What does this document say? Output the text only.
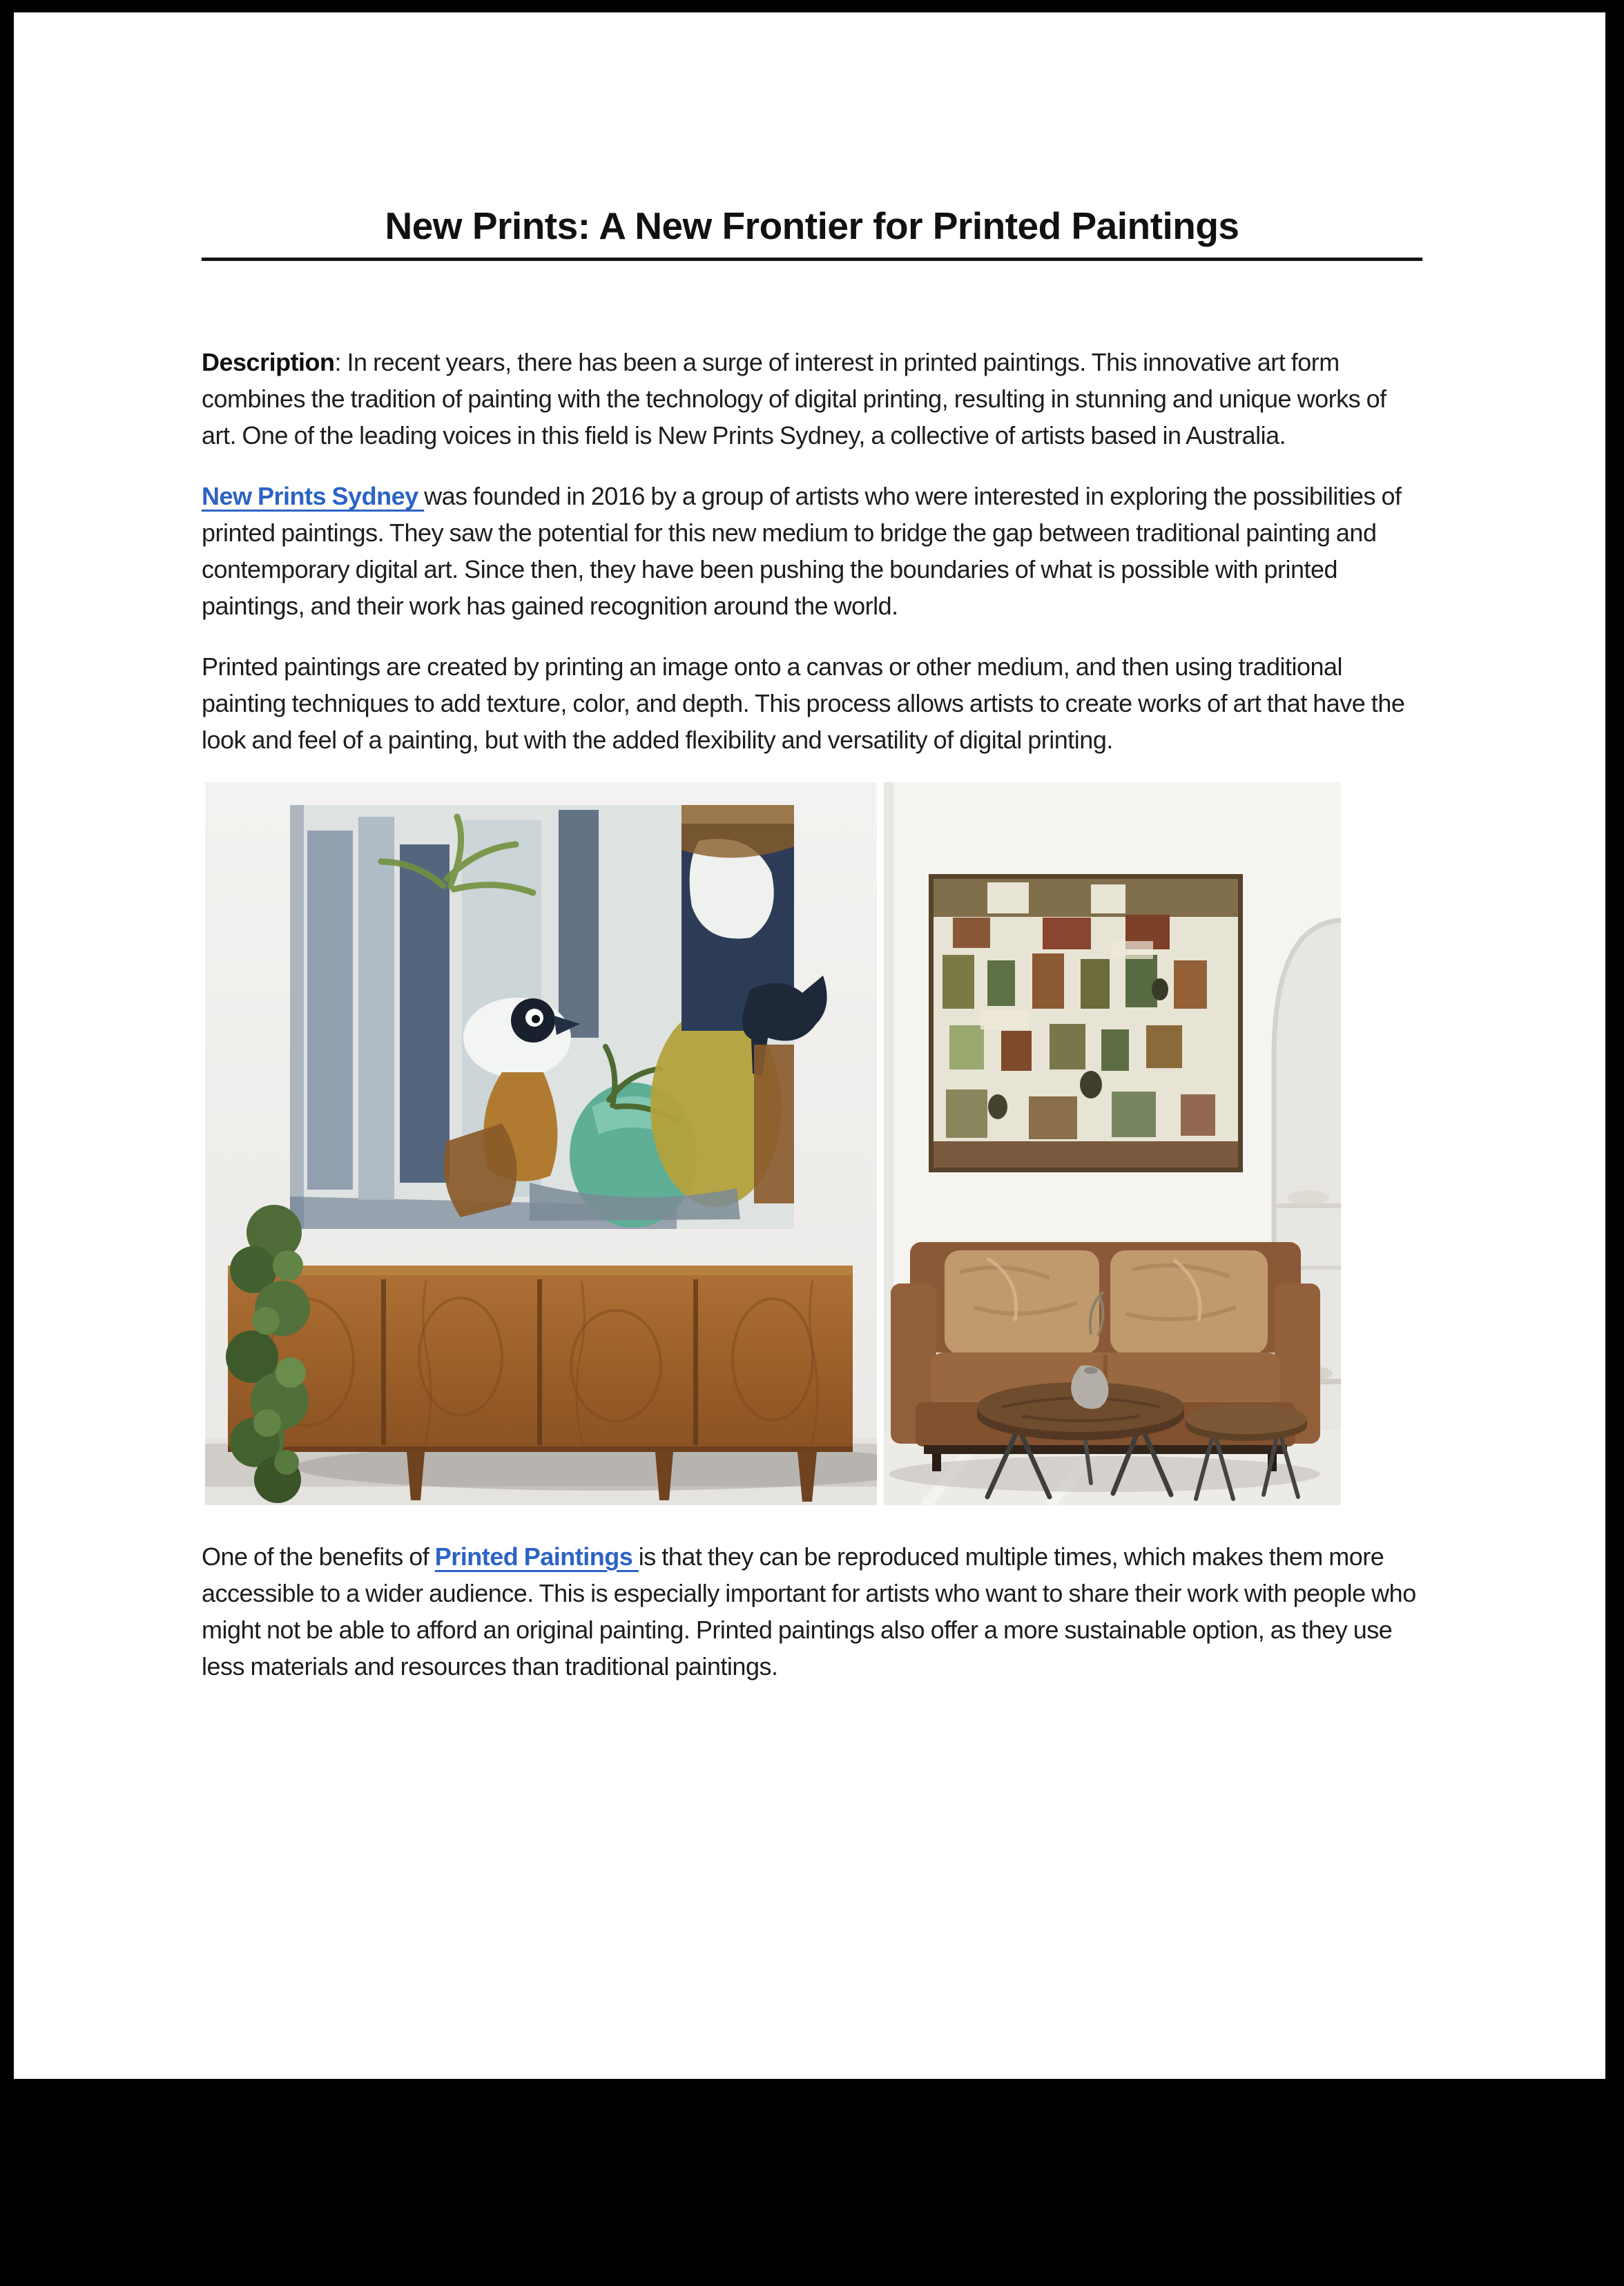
New Prints: A New Frontier for Printed Paintings

Description: In recent years, there has been a surge of interest in printed paintings. This innovative art form combines the tradition of painting with the technology of digital printing, resulting in stunning and unique works of art. One of the leading voices in this field is New Prints Sydney, a collective of artists based in Australia.

New Prints Sydney was founded in 2016 by a group of artists who were interested in exploring the possibilities of printed paintings. They saw the potential for this new medium to bridge the gap between traditional painting and contemporary digital art. Since then, they have been pushing the boundaries of what is possible with printed paintings, and their work has gained recognition around the world.

Printed paintings are created by printing an image onto a canvas or other medium, and then using traditional painting techniques to add texture, color, and depth. This process allows artists to create works of art that have the look and feel of a painting, but with the added flexibility and versatility of digital printing.

One of the benefits of Printed Paintings is that they can be reproduced multiple times, which makes them more accessible to a wider audience. This is especially important for artists who want to share their work with people who might not be able to afford an original painting. Printed paintings also offer a more sustainable option, as they use less materials and resources than traditional paintings.
